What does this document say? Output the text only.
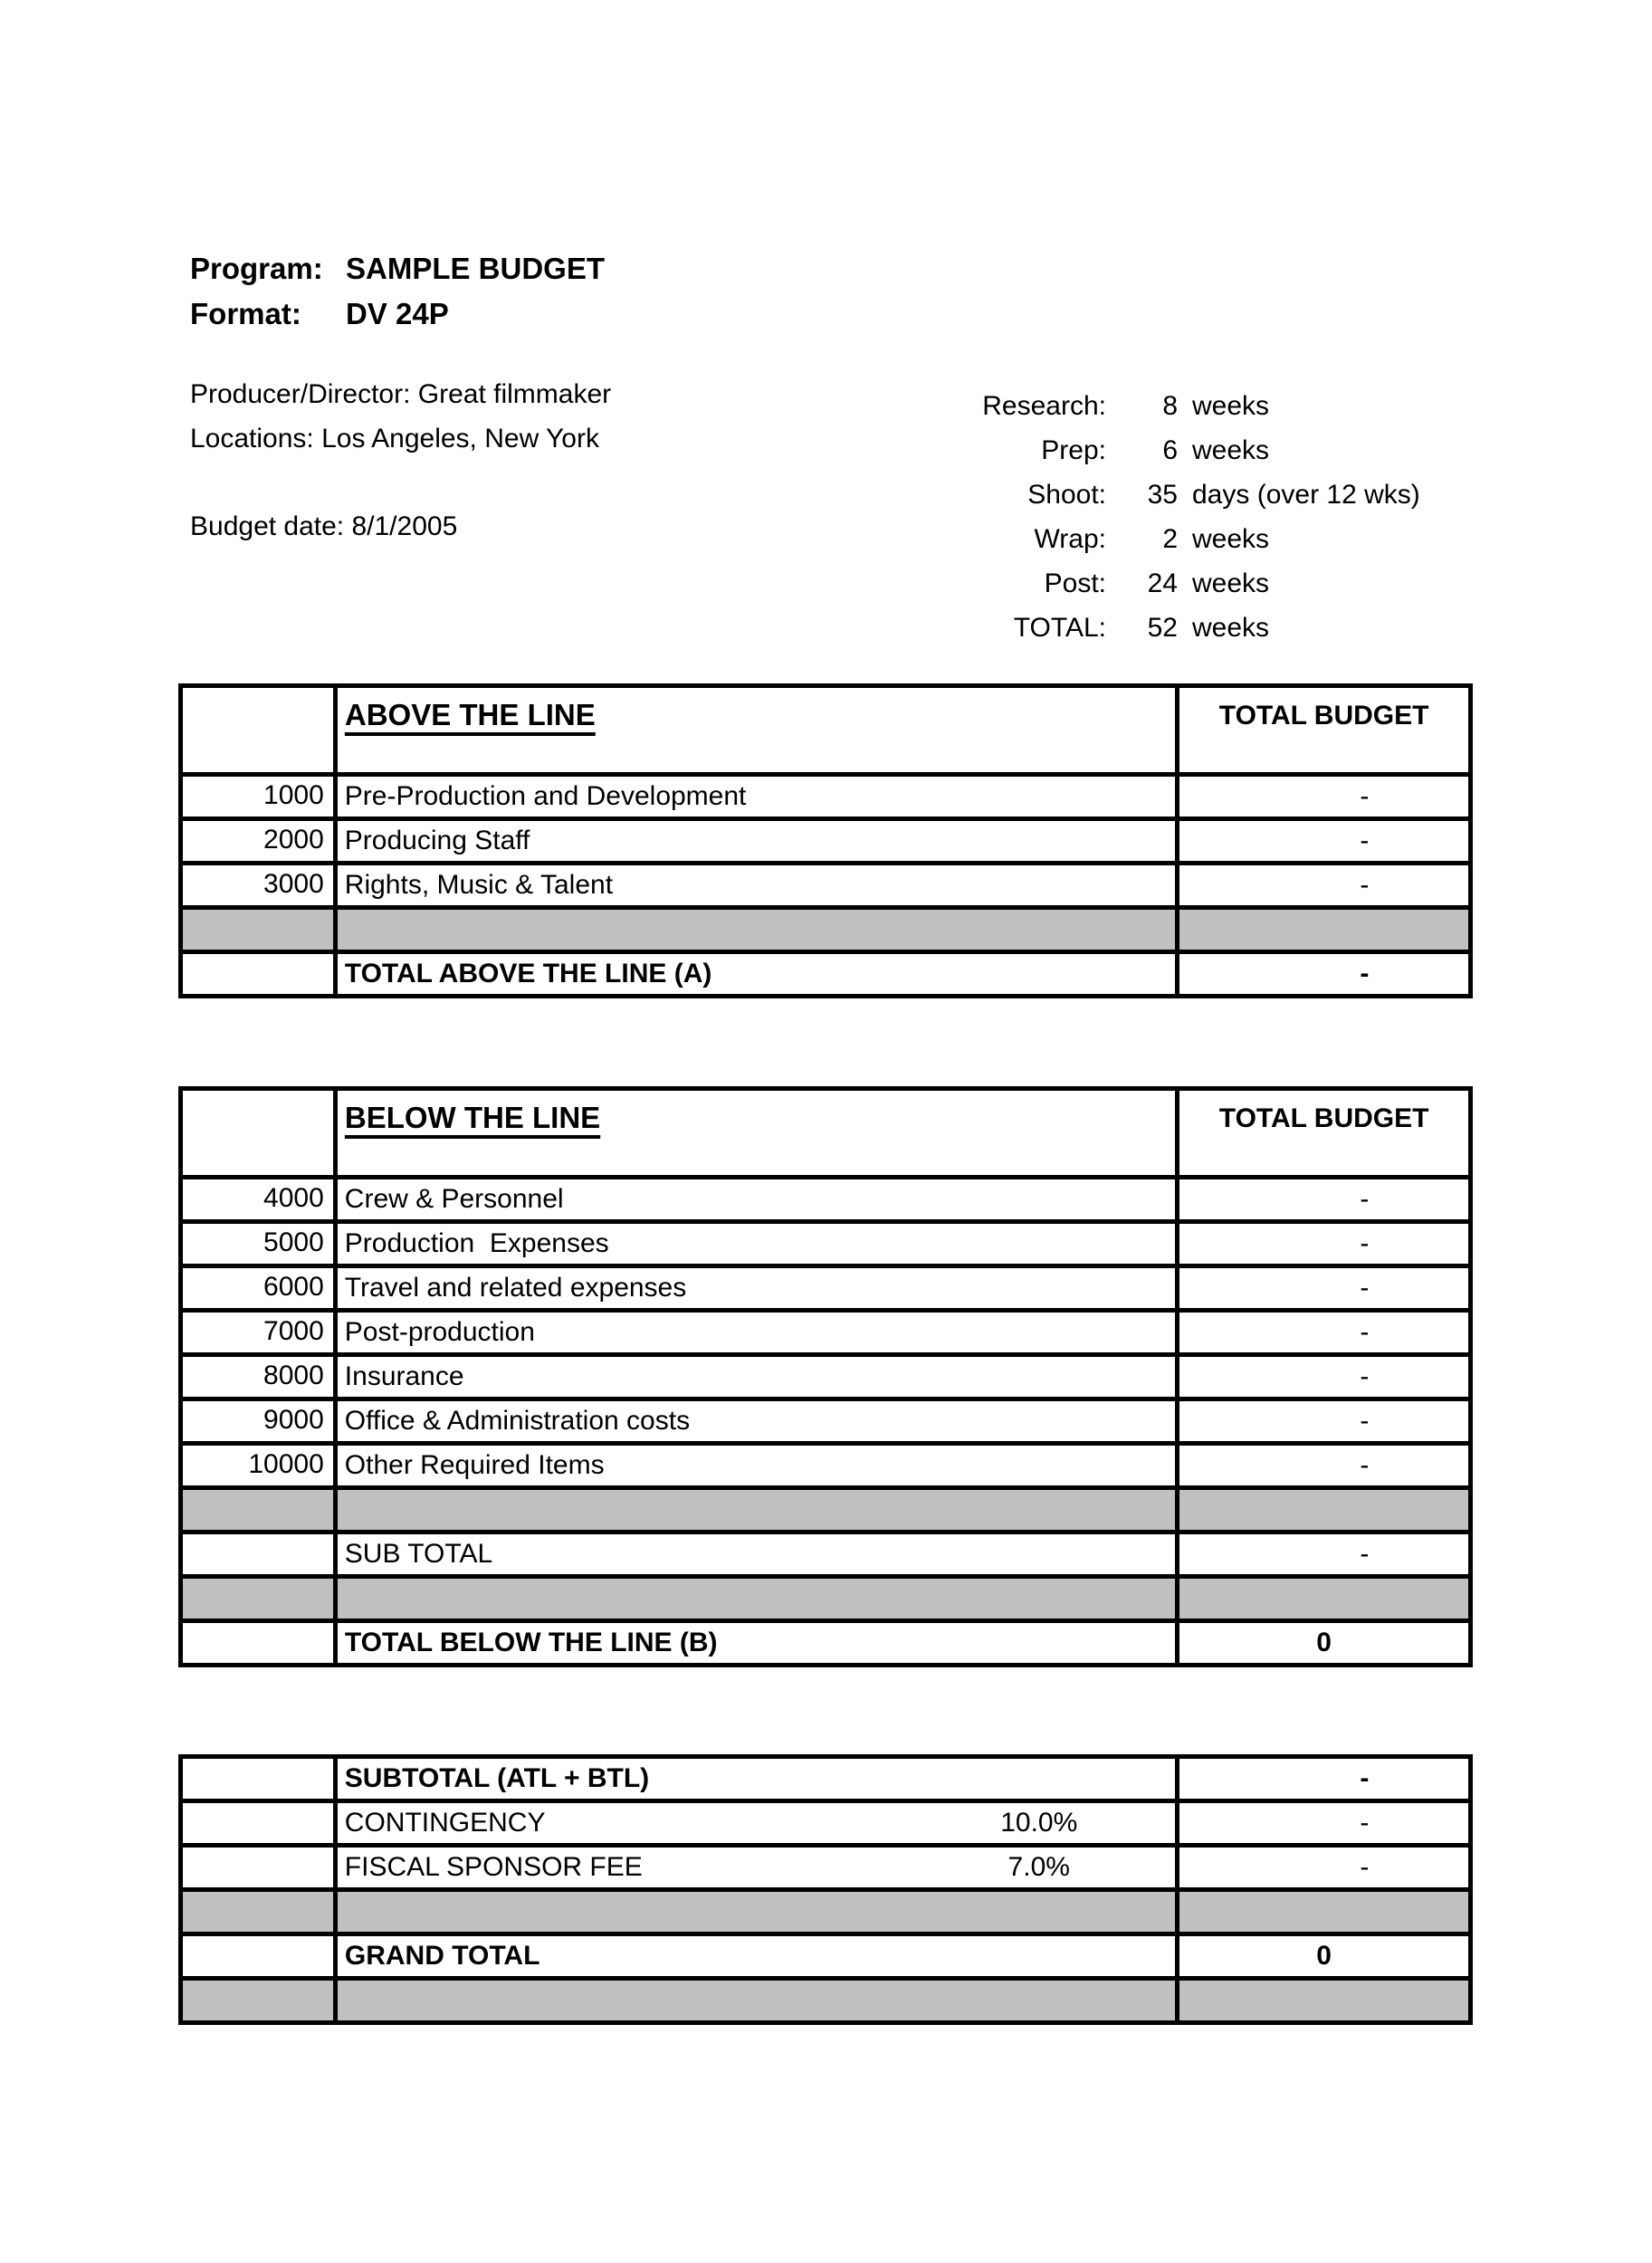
Program: SAMPLE BUDGET
Format:	DV 24P
Producer/Director: Great filmmaker
Locations: Los Angeles, New York
Budget date: 8/1/2005
Research:	8 weeks
Prep:	6 weeks
Shoot:	35 days (over 12 wks)
Wrap:	2 weeks
Post:	24 weeks
TOTAL:	52 weeks
ABOVE THE LINE	TOTAL BUDGET
1000 Pre-Production and Development	-
2000 Producing Staff	-
3000 Rights, Music & Talent	-
TOTAL ABOVE THE LINE (A)	-
BELOW THE LINE	TOTAL BUDGET
4000 Crew & Personnel	-
5000 Production  Expenses	-
6000 Travel and related expenses	-
7000 Post-production	-
8000 Insurance	-
9000 Office & Administration costs	-
10000 Other Required Items	-
SUB TOTAL	-
TOTAL BELOW THE LINE (B)	0
SUBTOTAL (ATL + BTL)	-
CONTINGENCY	10.0%	-
FISCAL SPONSOR FEE	7.0%	-
GRAND TOTAL	0
